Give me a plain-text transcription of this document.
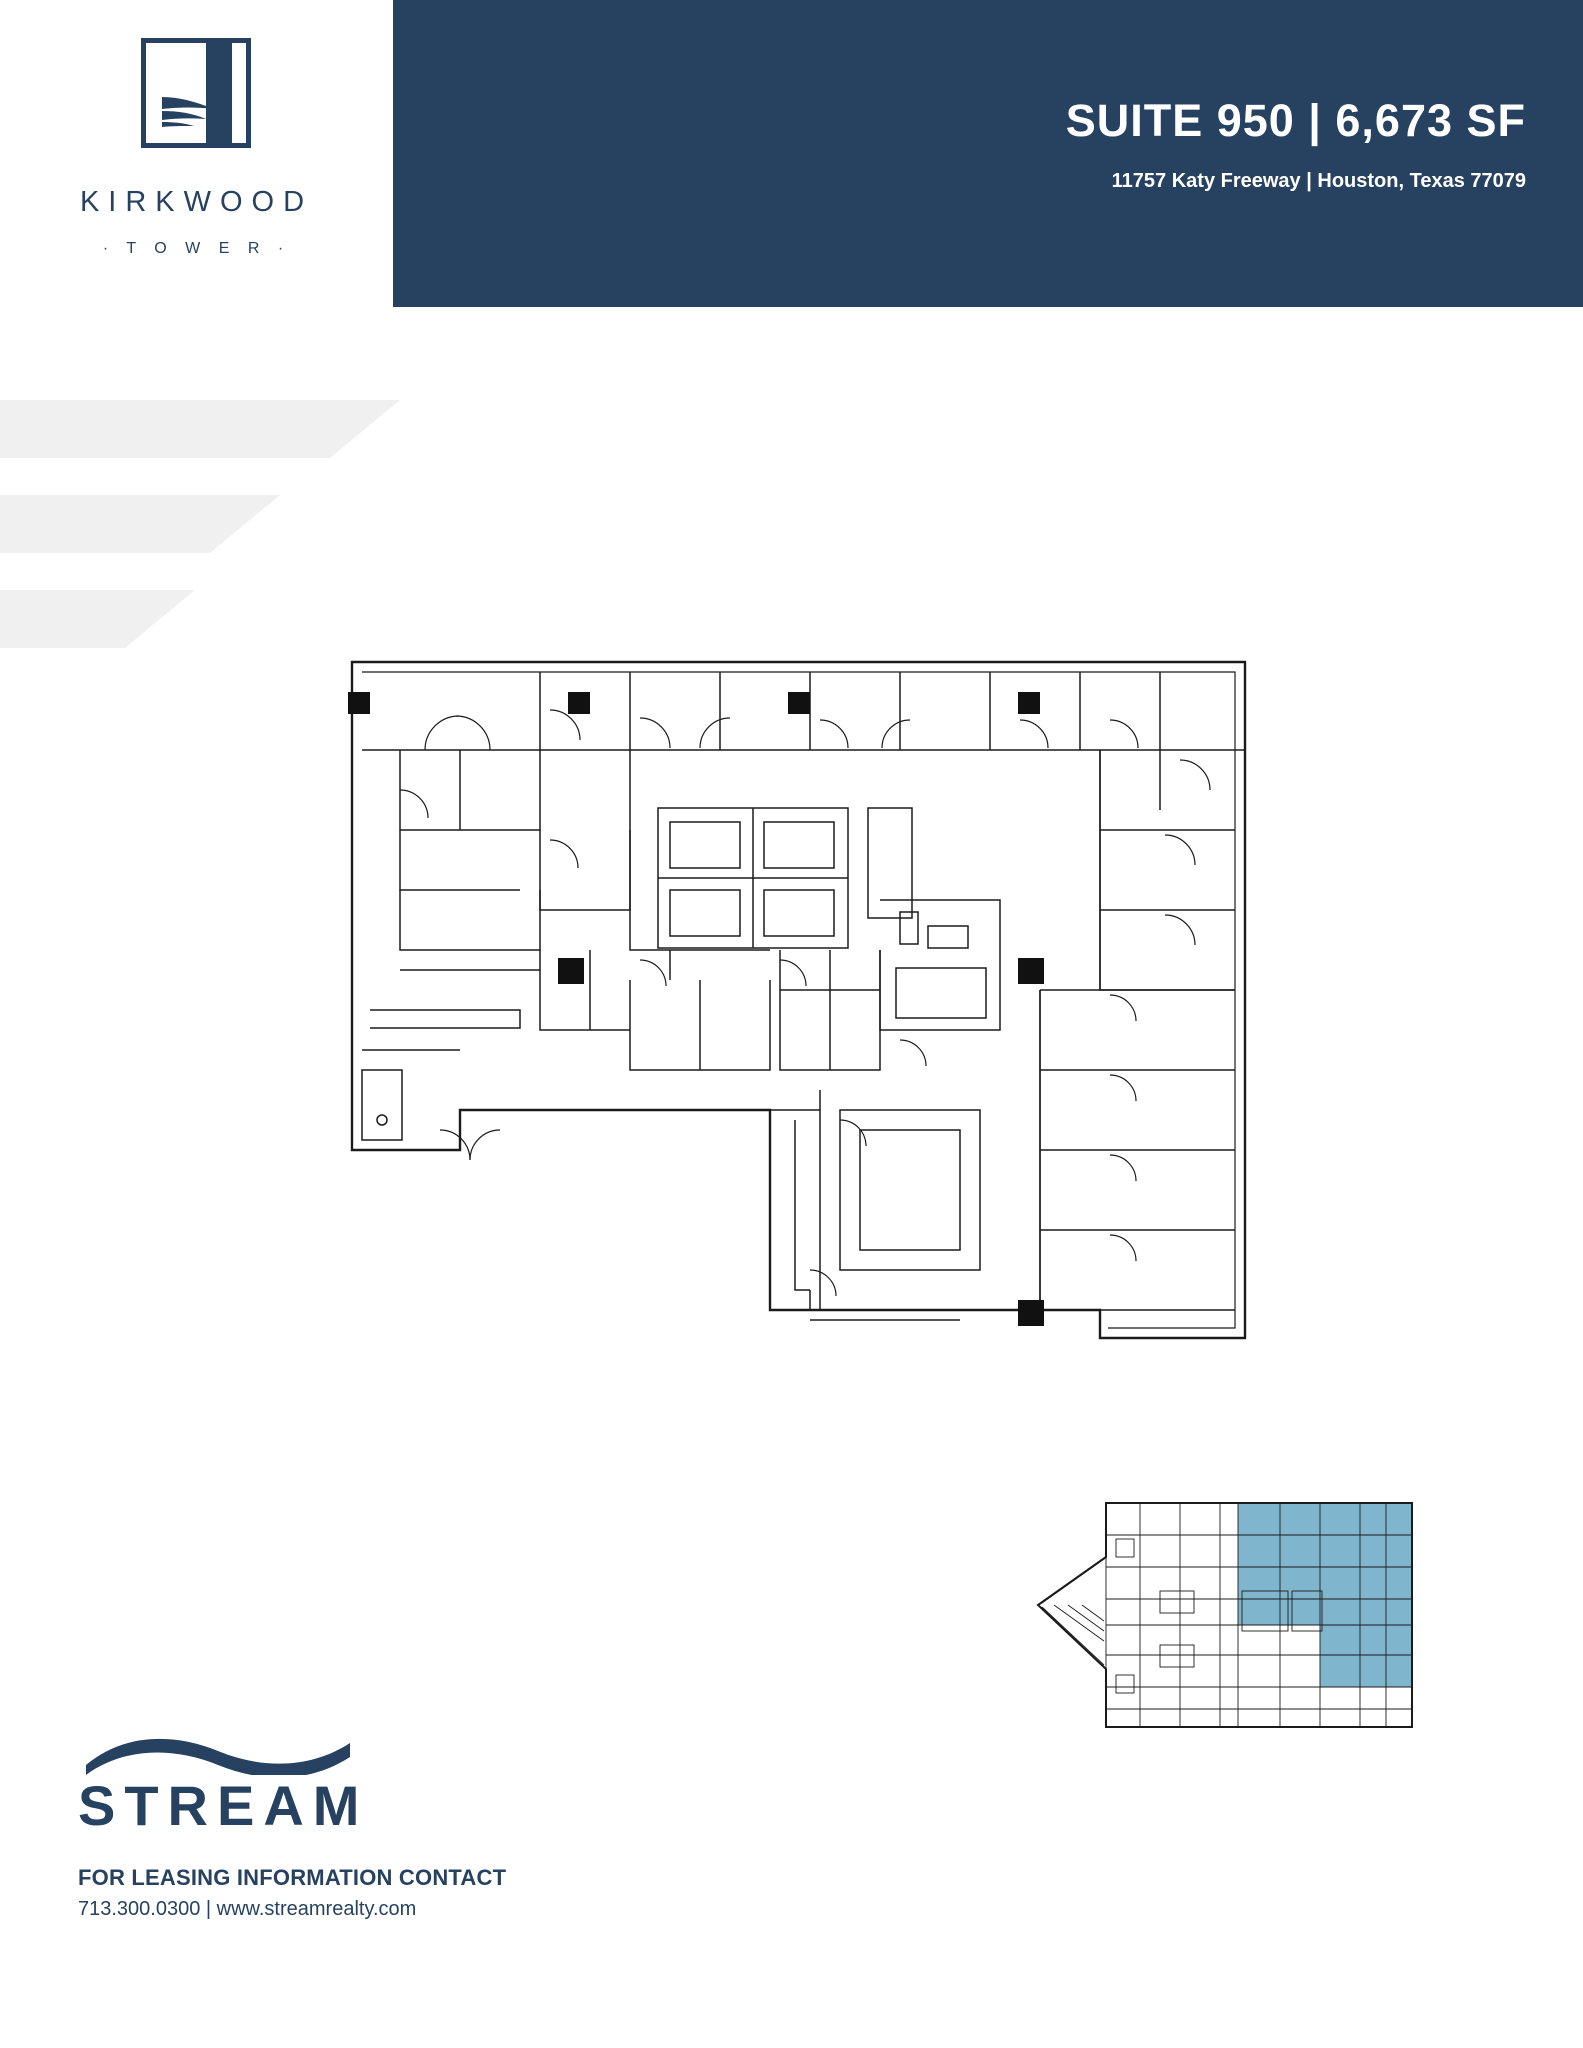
KIRKWOOD
· T O W E R ·
SUITE 950 | 6,673 SF
11757 Katy Freeway | Houston, Texas 77079
STREAM
FOR LEASING INFORMATION CONTACT
713.300.0300 | www.streamrealty.com
